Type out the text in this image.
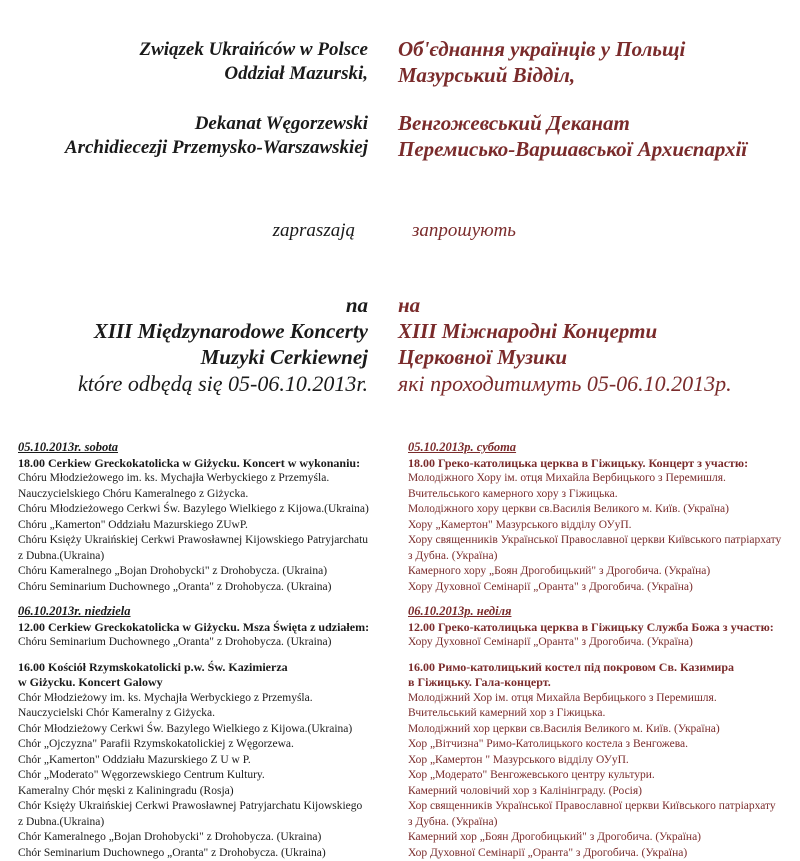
Związek Ukraińców w Polsce
Oddział Mazurski,
Об'єднання українців у Польщі
Мазурський Відділ,
Dekanat Węgorzewski
Archidiecezji Przemysko-Warszawskiej
Венгожевський Деканат
Перемисько-Варшавської Архиєпархії
zapraszają	запрошують
na
XIII Międzynarodowe Koncerty
Muzyki Cerkiewnej
на
XIII Міжнародні Концерти
Церковної Музики
które odbędą się 05-06.10.2013r. які проходитимуть 05-06.10.2013р.
05.10.2013r. sobota
18.00 Cerkiew Greckokatolicka w Giżycku. Koncert w wykonaniu:
Chóru Młodzieżowego im. ks. Mychajła Werbyckiego z Przemyśla.
Nauczycielskiego Chóru Kameralnego z Giżycka.
Chóru Młodzieżowego Cerkwi Św. Bazylego Wielkiego z Kijowa.(Ukraina)
Chóru „Kamerton" Oddziału Mazurskiego ZUwP.
Chóru Księży Ukraińskiej Cerkwi Prawosławnej Kijowskiego Patryjarchatu
z Dubna.(Ukraina)
Chóru Kameralnego „Bojan Drohobycki" z Drohobycza. (Ukraina)
Chóru Seminarium Duchownego „Oranta" z Drohobycza. (Ukraina)
06.10.2013r. niedziela
12.00 Cerkiew Greckokatolicka w Giżycku. Msza Święta z udziałem:
Chóru Seminarium Duchownego „Oranta" z Drohobycza. (Ukraina)
16.00 Kościół Rzymskokatolicki p.w. Św. Kazimierza
w Giżycku. Koncert Galowy
Chór Młodzieżowy im. ks. Mychajła Werbyckiego z Przemyśla.
Nauczycielski Chór Kameralny z Giżycka.
Chór Młodzieżowy Cerkwi Św. Bazylego Wielkiego z Kijowa.(Ukraina)
Chór „Ojczyzna" Parafii Rzymskokatolickiej z Węgorzewa.
Chór „Kamerton" Oddziału Mazurskiego Z U w P.
Chór „Moderato" Węgorzewskiego Centrum Kultury.
Kameralny Chór męski z Kaliningradu (Rosja)
Chór Księży Ukraińskiej Cerkwi Prawosławnej Patryjarchatu Kijowskiego
z Dubna.(Ukraina)
Chór Kameralnego „Bojan Drohobycki" z Drohobycza. (Ukraina)
Chór Seminarium Duchownego „Oranta" z Drohobycza. (Ukraina)
05.10.2013р. субота
18.00 Греко-католицька церква в Гіжицьку. Концерт з участю:
Молодіжного Хору ім. отця Михайла Вербицького з Перемишля.
Вчительського камерного хору з Гіжицька.
Молодіжного хору церкви св.Василія Великого м. Київ. (Україна)
Хору „Камертон" Мазурського відділу ОУуП.
Хору священників Української Православної церкви Київського патріархату
з Дубна. (Україна)
Камерного хору „Боян Дрогобицький" з Дрогобича. (Україна)
Хору Духовної Семінарії „Оранта" з Дрогобича. (Україна)
06.10.2013р. неділя
12.00 Греко-католицька церква в Гіжицьку Служба Божа з участю:
Хору Духовної Семінарії „Оранта" з Дрогобича. (Україна)
16.00 Римо-католицький костел під покровом Св. Казимира
в Гіжицьку. Гала-концерт.
Молодіжний Хор ім. отця Михайла Вербицького з Перемишля.
Вчительський камерний хор з Гіжицька.
Молодіжний хор церкви св.Василія Великого м. Київ. (Україна)
Хор „Вітчизна" Римо-Католицького костела з Венгожева.
Хор „Камертон " Мазурського відділу ОУуП.
Хор „Модерато" Венгожевського центру культури.
Камерний чоловічий хор з Калінінграду. (Росія)
Хор священників Української Православної церкви Київського патріархату
з Дубна. (Україна)
Камерний хор „Боян Дрогобицький" з Дрогобича. (Україна)
Хор Духовної Семінарії „Оранта" з Дрогобича. (Україна)
